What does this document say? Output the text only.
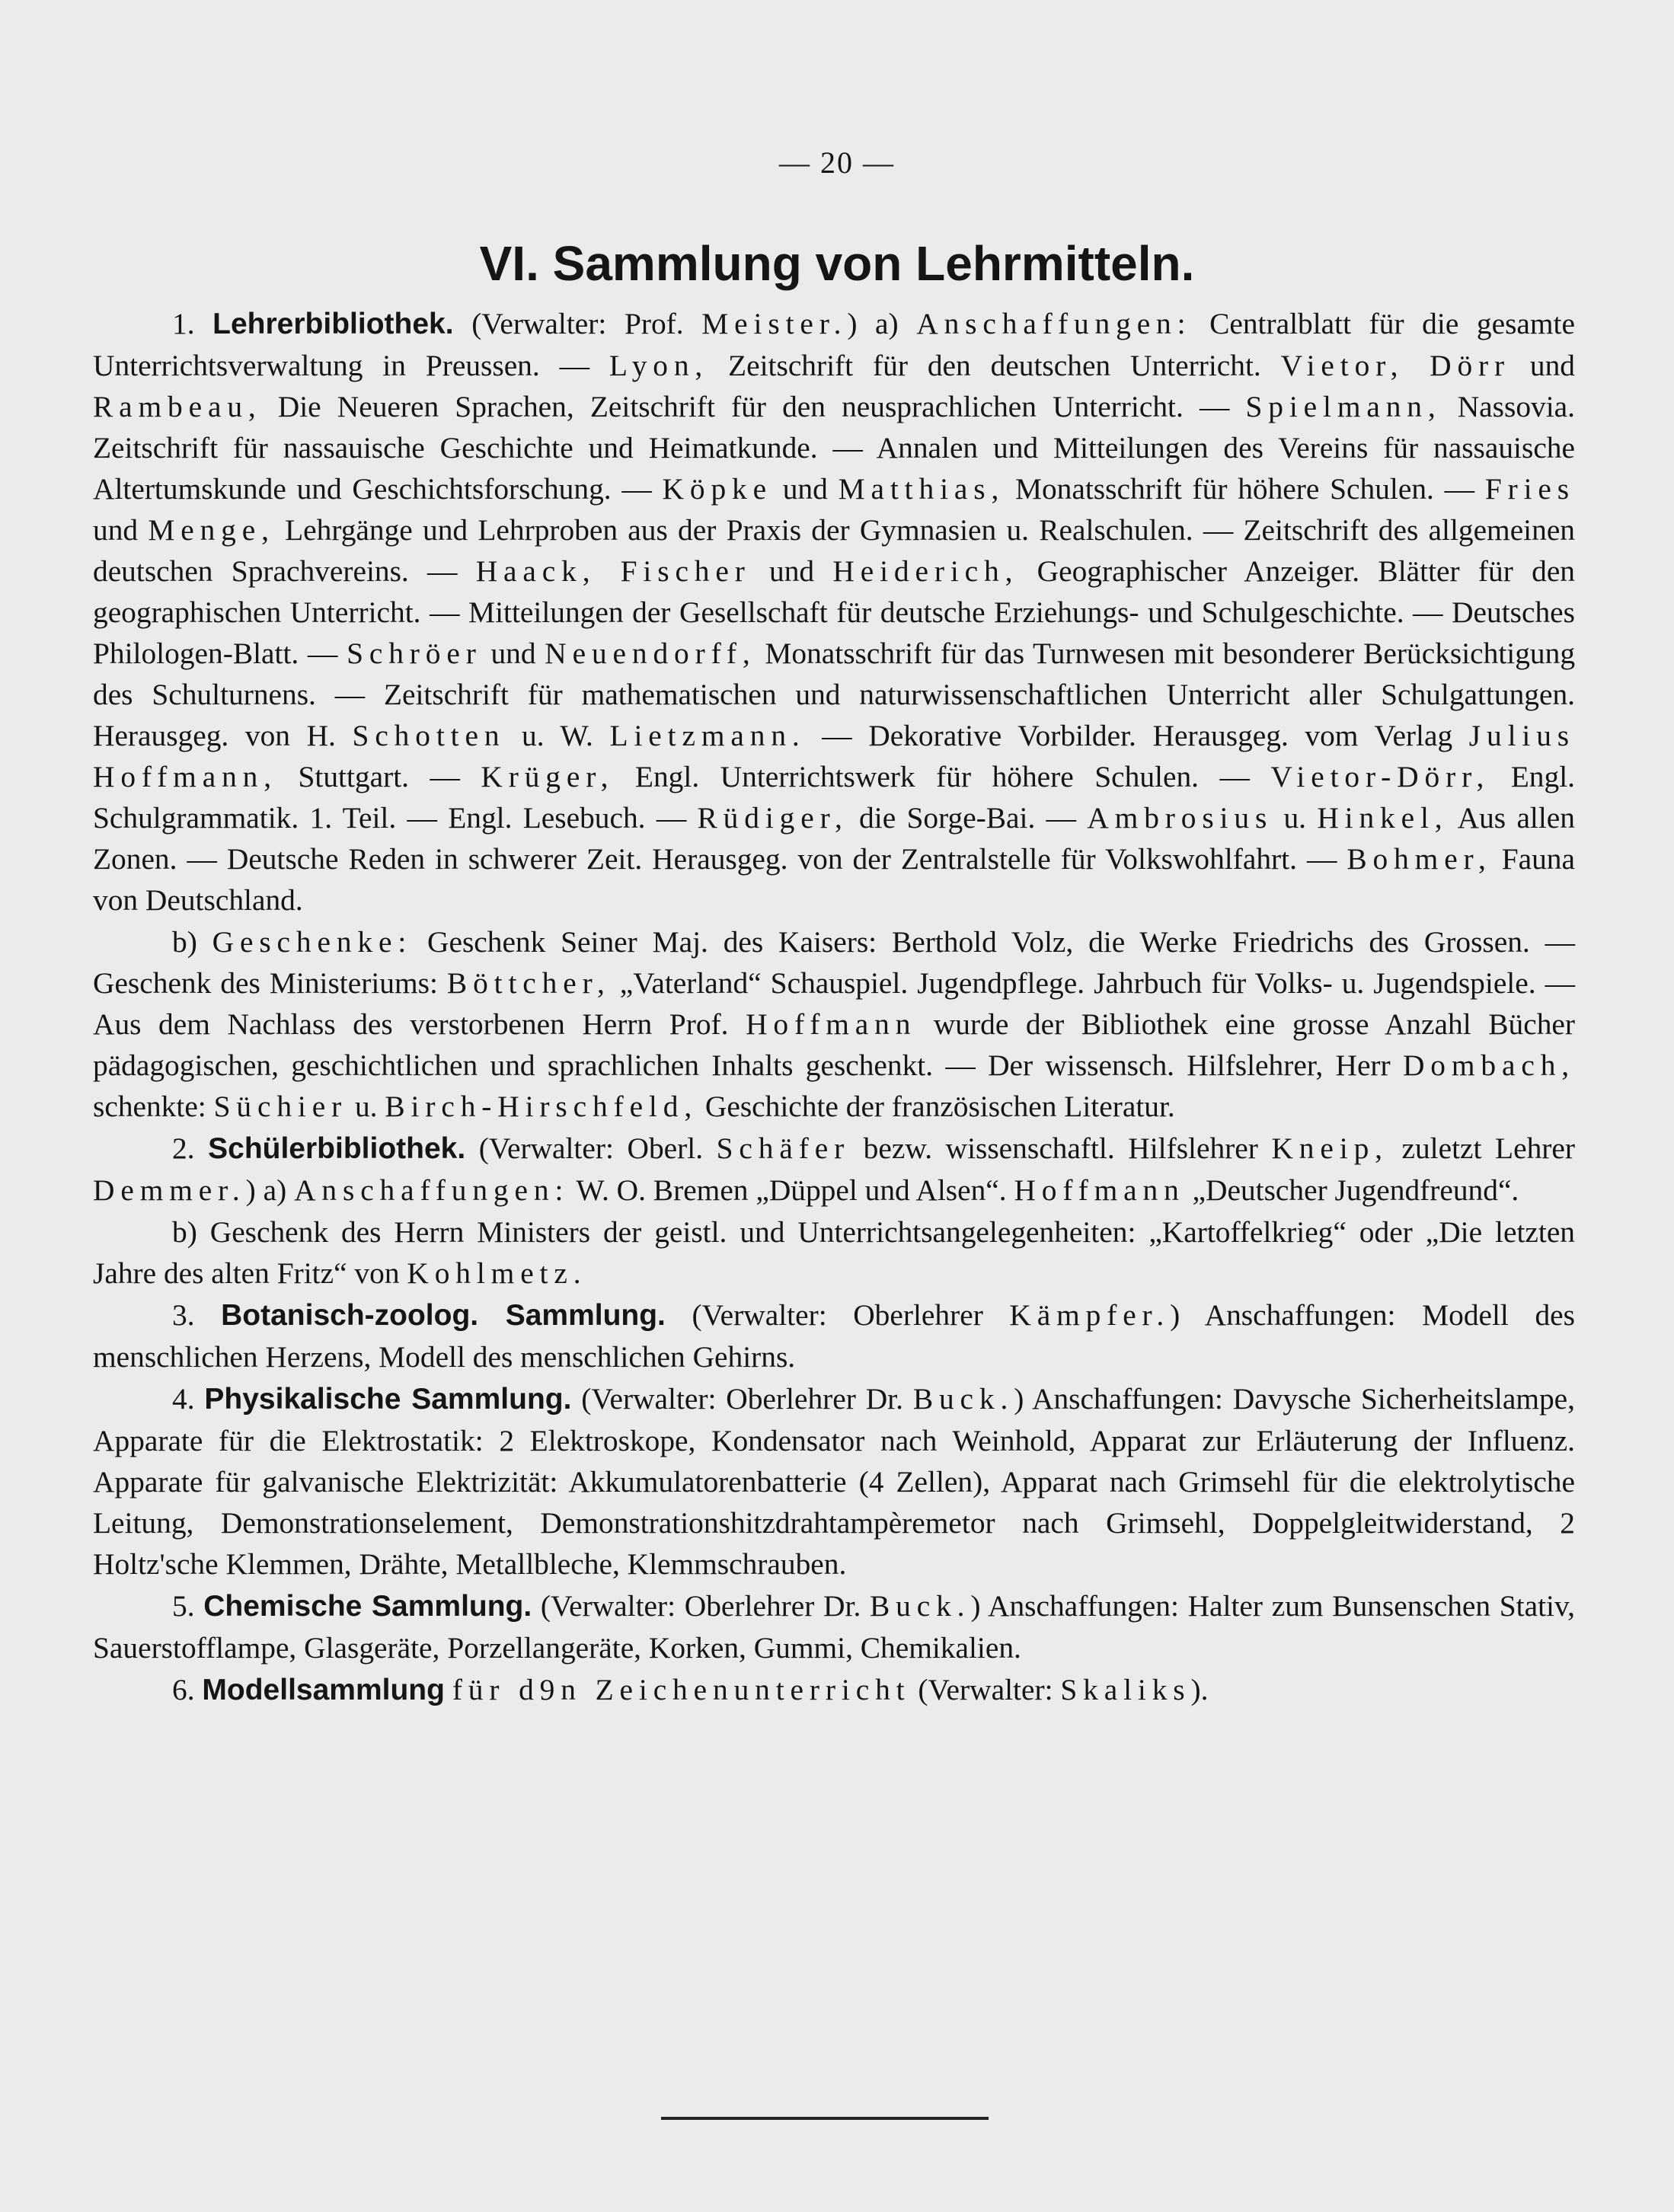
— 20 —
VI. Sammlung von Lehrmitteln.

1. Lehrerbibliothek. (Verwalter: Prof. Meister.) a) Anschaffungen: Centralblatt für die gesamte Unterrichtsverwaltung in Preussen. — Lyon, Zeitschrift für den deutschen Unterricht. Vietor, Dörr und Rambeau, Die Neueren Sprachen, Zeitschrift für den neusprachlichen Unterricht. — Spielmann, Nassovia. Zeitschrift für nassauische Geschichte und Heimatkunde. — Annalen und Mitteilungen des Vereins für nassauische Altertumskunde und Geschichtsforschung. — Köpke und Matthias, Monatsschrift für höhere Schulen. — Fries und Menge, Lehrgänge und Lehrproben aus der Praxis der Gymnasien u. Realschulen. — Zeitschrift des allgemeinen deutschen Sprachvereins. — Haack, Fischer und Heiderich, Geographischer Anzeiger. Blätter für den geographischen Unterricht. — Mitteilungen der Gesellschaft für deutsche Erziehungs- und Schulgeschichte. — Deutsches Philologen-Blatt. — Schröer und Neuendorff, Monatsschrift für das Turnwesen mit besonderer Berücksichtigung des Schulturnens. — Zeitschrift für mathematischen und naturwissenschaftlichen Unterricht aller Schulgattungen. Herausgeg. von H. Schotten u. W. Lietzmann. — Dekorative Vorbilder. Herausgeg. vom Verlag Julius Hoffmann, Stuttgart. — Krüger, Engl. Unterrichtswerk für höhere Schulen. — Vietor-Dörr, Engl. Schulgrammatik. 1. Teil. — Engl. Lesebuch. — Rüdiger, die Sorge-Bai. — Ambrosius u. Hinkel, Aus allen Zonen. — Deutsche Reden in schwerer Zeit. Herausgeg. von der Zentralstelle für Volkswohlfahrt. — Bohmer, Fauna von Deutschland.

b) Geschenke: Geschenk Seiner Maj. des Kaisers: Berthold Volz, die Werke Friedrichs des Grossen. — Geschenk des Ministeriums: Böttcher, „Vaterland“ Schauspiel. Jugendpflege. Jahrbuch für Volks- u. Jugendspiele. — Aus dem Nachlass des verstorbenen Herrn Prof. Hoffmann wurde der Bibliothek eine grosse Anzahl Bücher pädagogischen, geschichtlichen und sprachlichen Inhalts geschenkt. — Der wissensch. Hilfslehrer, Herr Dombach, schenkte: Süchier u. Birch-Hirschfeld, Geschichte der französischen Literatur.

2. Schülerbibliothek. (Verwalter: Oberl. Schäfer bezw. wissenschaftl. Hilfslehrer Kneip, zuletzt Lehrer Demmer.) a) Anschaffungen: W. O. Bremen „Düppel und Alsen“. Hoffmann „Deutscher Jugendfreund“.

b) Geschenk des Herrn Ministers der geistl. und Unterrichtsangelegenheiten: „Kartoffelkrieg“ oder „Die letzten Jahre des alten Fritz“ von Kohlmetz.

3. Botanisch-zoolog. Sammlung. (Verwalter: Oberlehrer Kämpfer.) Anschaffungen: Modell des menschlichen Herzens, Modell des menschlichen Gehirns.

4. Physikalische Sammlung. (Verwalter: Oberlehrer Dr. Buck.) Anschaffungen: Davysche Sicherheitslampe, Apparate für die Elektrostatik: 2 Elektroskope, Kondensator nach Weinhold, Apparat zur Erläuterung der Influenz. Apparate für galvanische Elektrizität: Akkumulatorenbatterie (4 Zellen), Apparat nach Grimsehl für die elektrolytische Leitung, Demonstrationselement, Demonstrationshitzdrahtampèremetor nach Grimsehl, Doppelgleitwiderstand, 2 Holtz'sche Klemmen, Drähte, Metallbleche, Klemmschrauben.

5. Chemische Sammlung. (Verwalter: Oberlehrer Dr. Buck.) Anschaffungen: Halter zum Bunsenschen Stativ, Sauerstofflampe, Glasgeräte, Porzellangeräte, Korken, Gummi, Chemikalien.

6. Modellsammlung für d9n Zeichenunterricht (Verwalter: Skaliks).
